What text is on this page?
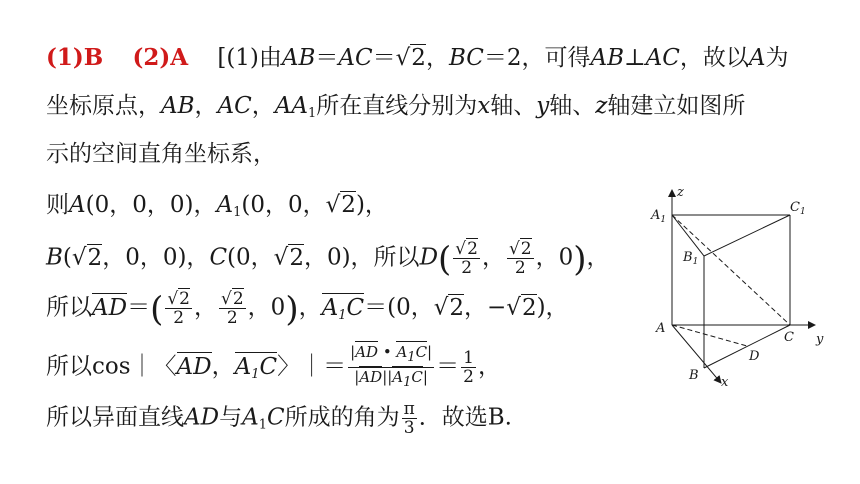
(1)B (2)A [(1)由AB＝AC＝√2，BC＝2，可得AB⊥AC，故以A为
坐标原点，AB，AC，$AA_1$所在直线分别为x轴、y轴、z轴建立如图所
示的空间直角坐标系，
则A(0，0，0)，$A_1(0$，0，√2)，
B(√2，0，0)，C(0，√2，0)，所以$D( \frac{√2}{2}$ ， $\frac{√2}{2}$ ，0)，
所以$AD=( \frac{√2}{2}$ ， $\frac{√2}{2}$ ，0)，$A_1C=(0$，√2，−√2)，
所以cos｜〈AD，$A_1C$〉｜＝ $\frac{|AD • A_1C|}{|AD||A_1C|} = \frac{1}{2}$ ，
所以异面直线AD与$A_1C$所成的角为 $\frac{\pi}{3}$ ．故选B.
z
$A_1$
$C_1$
$B_1$
A
C y
D
B x
